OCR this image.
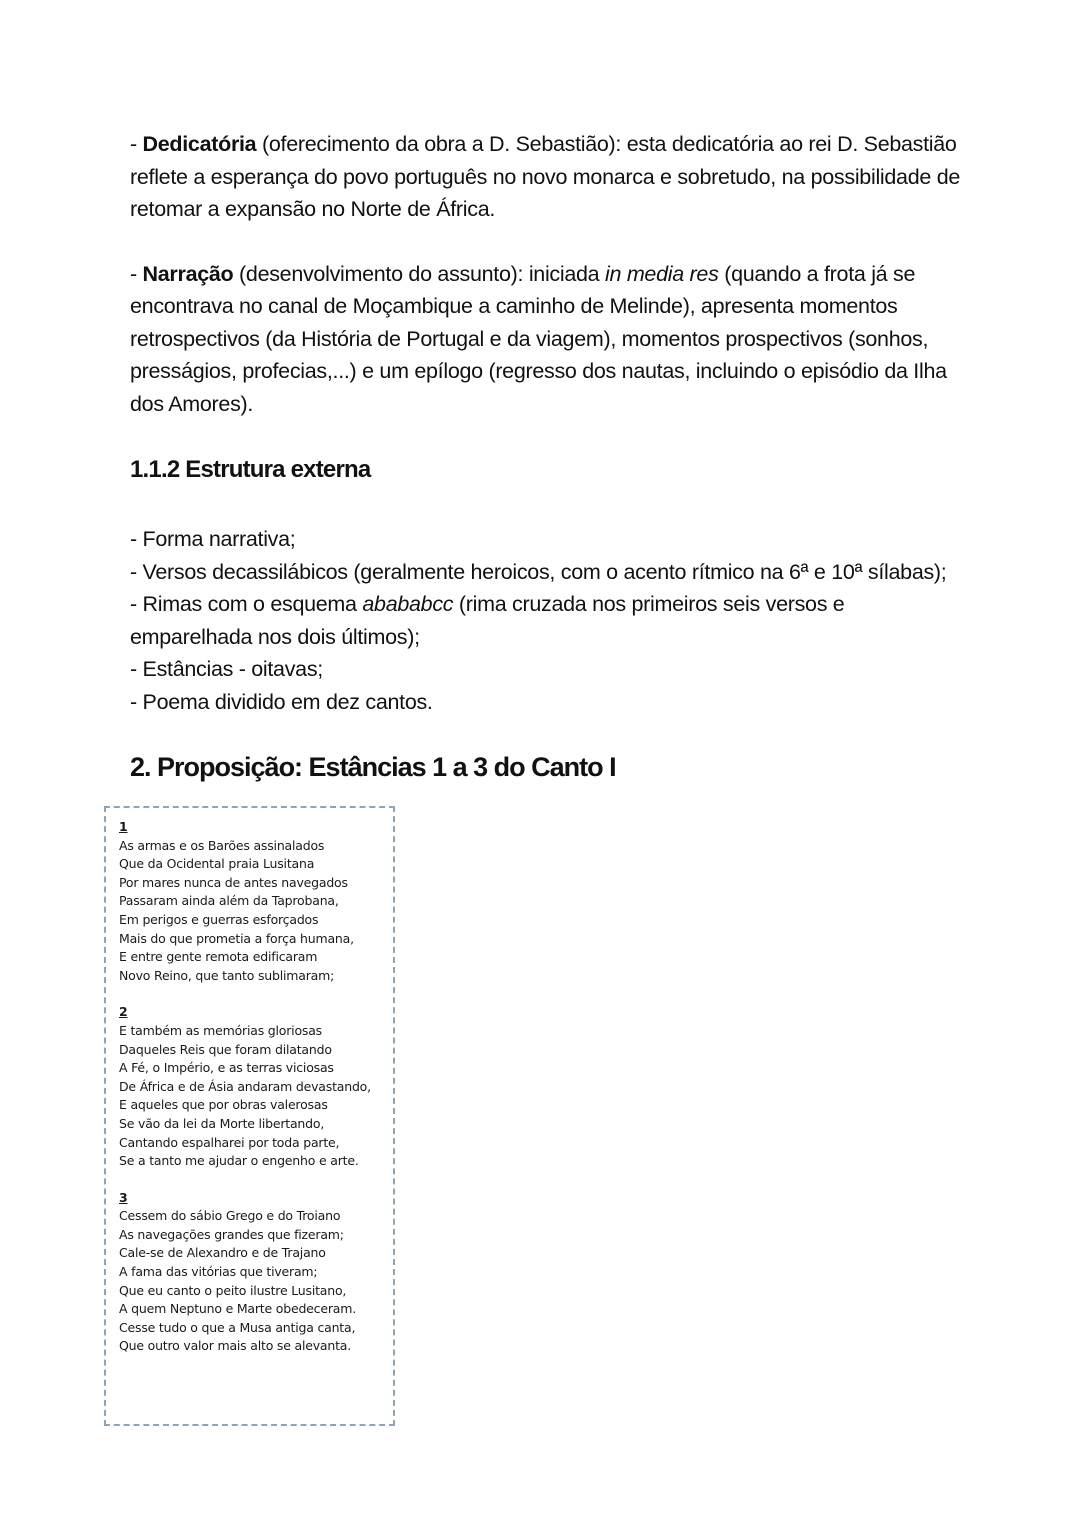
- Dedicatória (oferecimento da obra a D. Sebastião): esta dedicatória ao rei D. Sebastião reflete a esperança do povo português no novo monarca e sobretudo, na possibilidade de retomar a expansão no Norte de África.

- Narração (desenvolvimento do assunto): iniciada in media res (quando a frota já se encontrava no canal de Moçambique a caminho de Melinde), apresenta momentos retrospectivos (da História de Portugal e da viagem), momentos prospectivos (sonhos, presságios, profecias,...) e um epílogo (regresso dos nautas, incluindo o episódio da Ilha dos Amores).

1.1.2 Estrutura externa
- Forma narrativa;
- Versos decassilábicos (geralmente heroicos, com o acento rítmico na 6ª e 10ª sílabas);
- Rimas com o esquema abababcc (rima cruzada nos primeiros seis versos e emparelhada nos dois últimos);
- Estâncias - oitavas;
- Poema dividido em dez cantos.
2. Proposição: Estâncias 1 a 3 do Canto I
1
As armas e os Barões assinalados
Que da Ocidental praia Lusitana
Por mares nunca de antes navegados
Passaram ainda além da Taprobana,
Em perigos e guerras esforçados
Mais do que prometia a força humana,
E entre gente remota edificaram
Novo Reino, que tanto sublimaram;
2
E também as memórias gloriosas
Daqueles Reis que foram dilatando
A Fé, o Império, e as terras viciosas
De África e de Ásia andaram devastando,
E aqueles que por obras valerosas
Se vão da lei da Morte libertando,
Cantando espalharei por toda parte,
Se a tanto me ajudar o engenho e arte.
3
Cessem do sábio Grego e do Troiano
As navegações grandes que fizeram;
Cale-se de Alexandro e de Trajano
A fama das vitórias que tiveram;
Que eu canto o peito ilustre Lusitano,
A quem Neptuno e Marte obedeceram.
Cesse tudo o que a Musa antiga canta,
Que outro valor mais alto se alevanta.
